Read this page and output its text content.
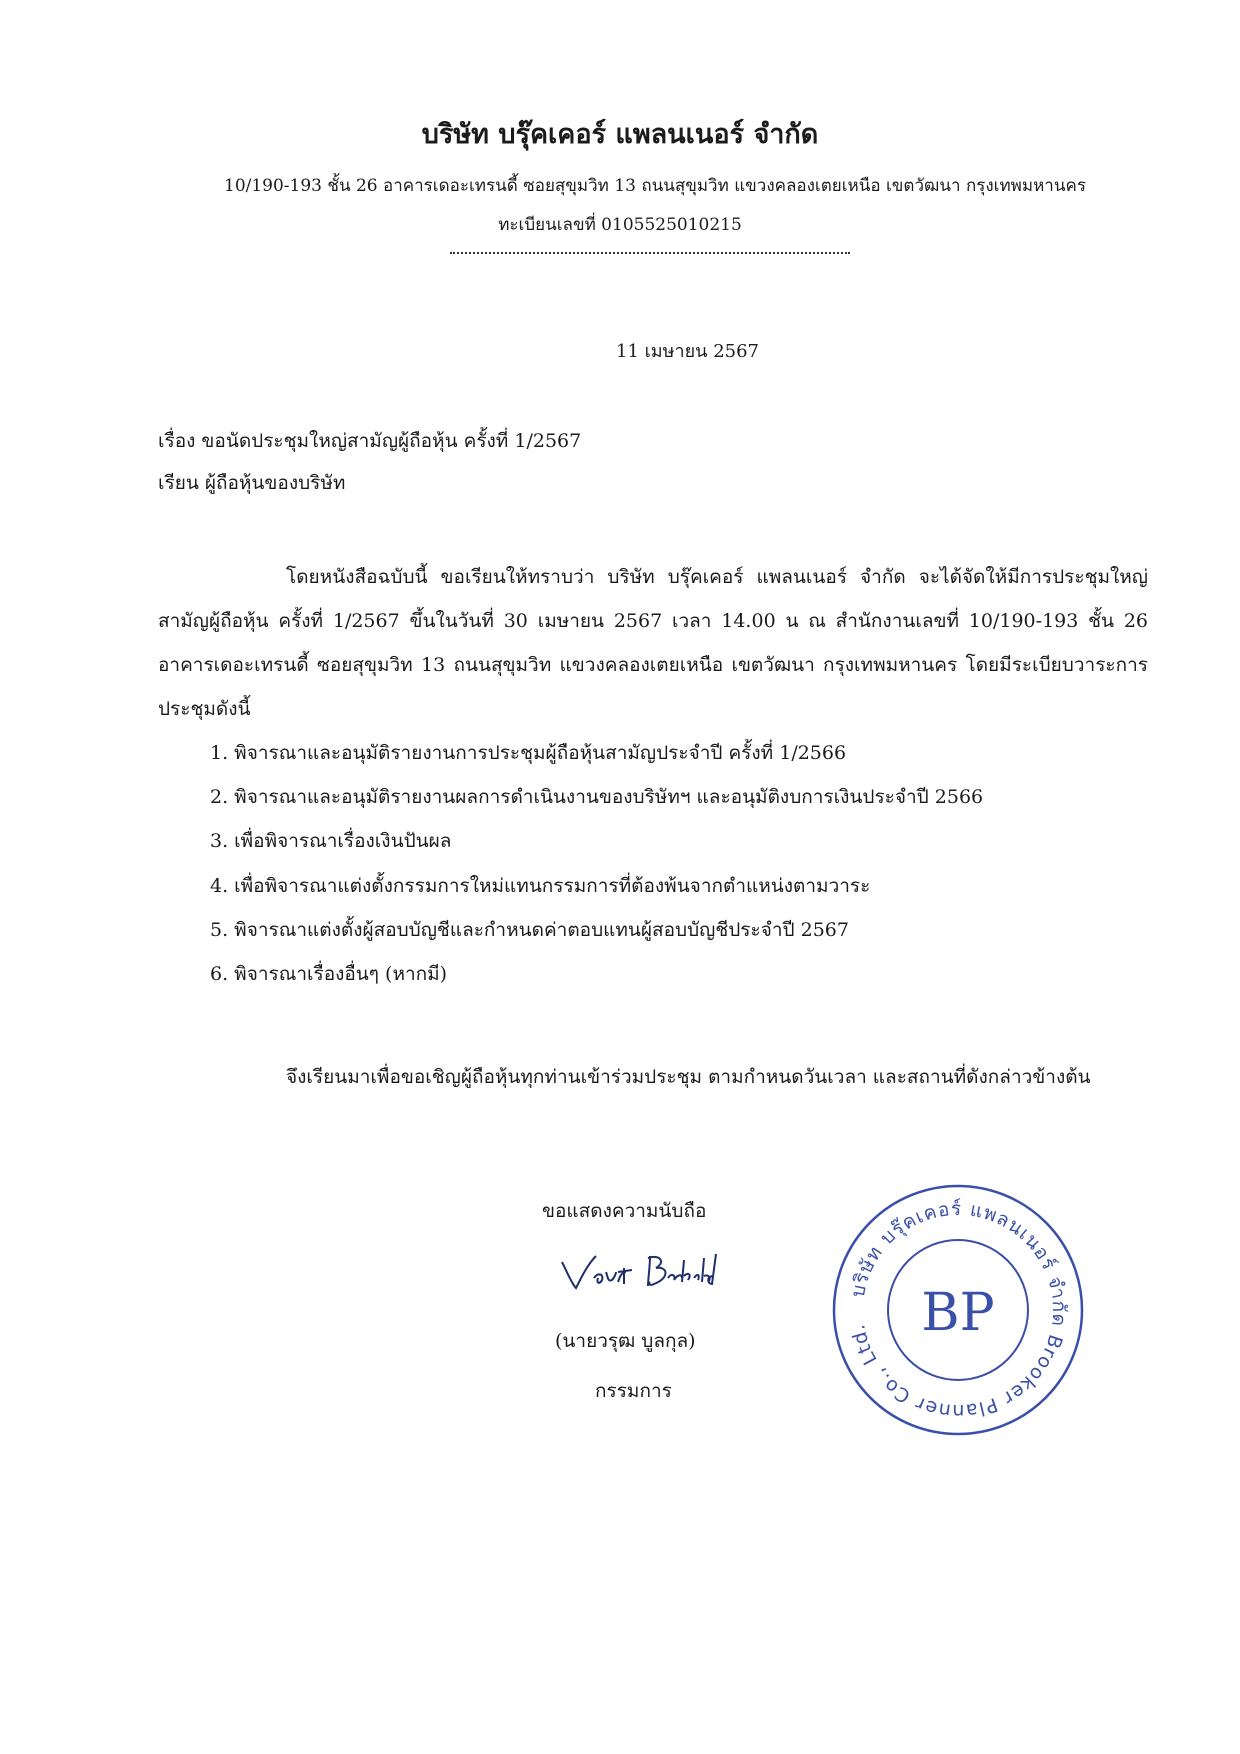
บริษัท บรุ๊คเคอร์ แพลนเนอร์ จำกัด
10/190-193 ชั้น 26 อาคารเดอะเทรนดี้ ซอยสุขุมวิท 13 ถนนสุขุมวิท แขวงคลองเตยเหนือ เขตวัฒนา กรุงเทพมหานคร
ทะเบียนเลขที่ 0105525010215
11 เมษายน 2567
เรื่อง ขอนัดประชุมใหญ่สามัญผู้ถือหุ้น ครั้งที่ 1/2567
เรียน ผู้ถือหุ้นของบริษัท
โดยหนังสือฉบับนี้ ขอเรียนให้ทราบว่า บริษัท บรุ๊คเคอร์ แพลนเนอร์ จำกัด จะได้จัดให้มีการประชุมใหญ่สามัญผู้ถือหุ้น ครั้งที่ 1/2567 ขึ้นในวันที่ 30 เมษายน 2567 เวลา 14.00 น ณ สำนักงานเลขที่ 10/190-193 ชั้น 26 อาคารเดอะเทรนดี้ ซอยสุขุมวิท 13 ถนนสุขุมวิท แขวงคลองเตยเหนือ เขตวัฒนา กรุงเทพมหานคร โดยมีระเบียบวาระการประชุมดังนี้
1. พิจารณาและอนุมัติรายงานการประชุมผู้ถือหุ้นสามัญประจำปี ครั้งที่ 1/2566
2. พิจารณาและอนุมัติรายงานผลการดำเนินงานของบริษัทฯ และอนุมัติงบการเงินประจำปี 2566
3. เพื่อพิจารณาเรื่องเงินปันผล
4. เพื่อพิจารณาแต่งตั้งกรรมการใหม่แทนกรรมการที่ต้องพ้นจากตำแหน่งตามวาระ
5. พิจารณาแต่งตั้งผู้สอบบัญชีและกำหนดค่าตอบแทนผู้สอบบัญชีประจำปี 2567
6. พิจารณาเรื่องอื่นๆ (หากมี)
จึงเรียนมาเพื่อขอเชิญผู้ถือหุ้นทุกท่านเข้าร่วมประชุม ตามกำหนดวันเวลา และสถานที่ดังกล่าวข้างต้น
ขอแสดงความนับถือ
(นายวรุฒ บูลกุล)
กรรมการ
บริษัท บรุ๊คเคอร์ แพลนเนอร์ จำกัด Brooker Planner Co., Ltd. BP
